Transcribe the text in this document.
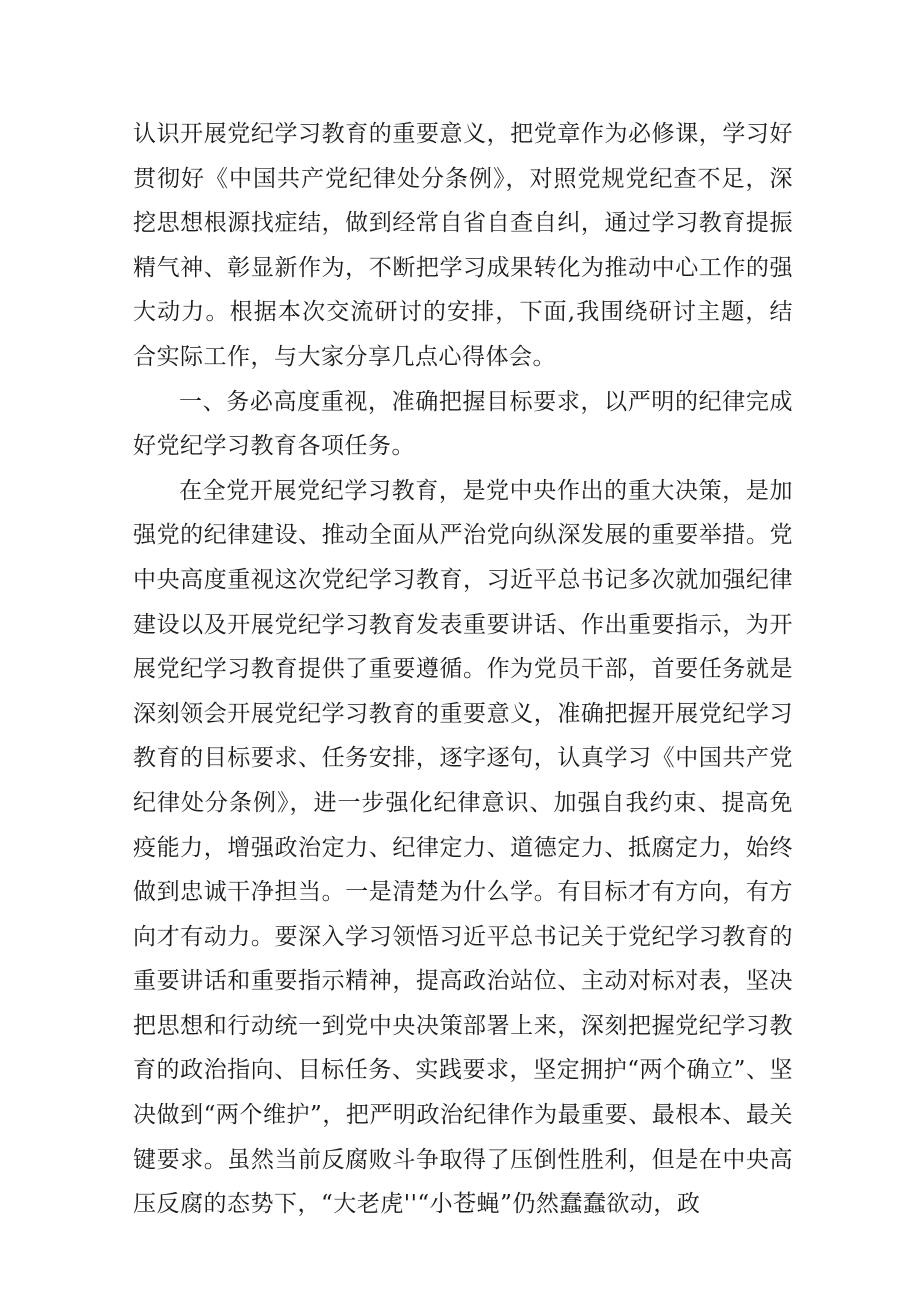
认识开展党纪学习教育的重要意义，把党章作为必修课，学习好贯彻好《中国共产党纪律处分条例》，对照党规党纪查不足，深挖思想根源找症结，做到经常自省自查自纠，通过学习教育提振精气神、彰显新作为，不断把学习成果转化为推动中心工作的强大动力。根据本次交流研讨的安排，下面,我围绕研讨主题，结合实际工作，与大家分享几点心得体会。

一、务必高度重视，准确把握目标要求，以严明的纪律完成好党纪学习教育各项任务。

在全党开展党纪学习教育，是党中央作出的重大决策，是加强党的纪律建设、推动全面从严治党向纵深发展的重要举措。党中央高度重视这次党纪学习教育，习近平总书记多次就加强纪律建设以及开展党纪学习教育发表重要讲话、作出重要指示，为开展党纪学习教育提供了重要遵循。作为党员干部，首要任务就是深刻领会开展党纪学习教育的重要意义，准确把握开展党纪学习教育的目标要求、任务安排，逐字逐句，认真学习《中国共产党纪律处分条例》，进一步强化纪律意识、加强自我约束、提高免疫能力，增强政治定力、纪律定力、道德定力、抵腐定力，始终做到忠诚干净担当。一是清楚为什么学。有目标才有方向，有方向才有动力。要深入学习领悟习近平总书记关于党纪学习教育的重要讲话和重要指示精神，提高政治站位、主动对标对表，坚决把思想和行动统一到党中央决策部署上来，深刻把握党纪学习教育的政治指向、目标任务、实践要求，坚定拥护“两个确立”、坚决做到“两个维护”，把严明政治纪律作为最重要、最根本、最关键要求。虽然当前反腐败斗争取得了压倒性胜利，但是在中央高压反腐的态势下，“大老虎''“小苍蝇”仍然蠢蠢欲动，政
